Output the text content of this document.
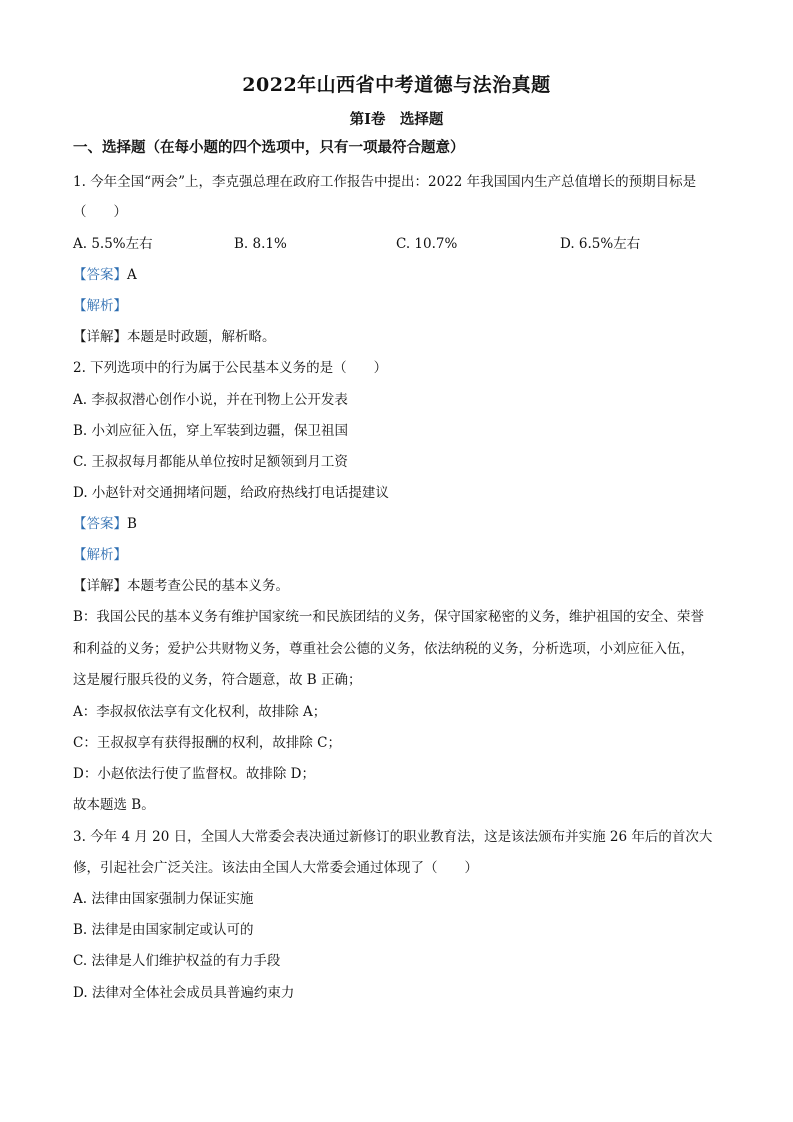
2022年山西省中考道德与法治真题
第Ⅰ卷　选择题
一、选择题（在每小题的四个选项中，只有一项最符合题意）
1. 今年全国“两会”上，李克强总理在政府工作报告中提出：2022 年我国国内生产总值增长的预期目标是
（　　）
A. 5.5%左右	B. 8.1%	C. 10.7%	D. 6.5%左右
【答案】A
【解析】
【详解】本题是时政题，解析略。
2. 下列选项中的行为属于公民基本义务的是（　　）
A. 李叔叔潜心创作小说，并在刊物上公开发表
B. 小刘应征入伍，穿上军装到边疆，保卫祖国
C. 王叔叔每月都能从单位按时足额领到月工资
D. 小赵针对交通拥堵问题，给政府热线打电话提建议
【答案】B
【解析】
【详解】本题考查公民的基本义务。
B：我国公民的基本义务有维护国家统一和民族团结的义务，保守国家秘密的义务，维护祖国的安全、荣誉
和利益的义务；爱护公共财物义务，尊重社会公德的义务，依法纳税的义务，分析选项，小刘应征入伍，
这是履行服兵役的义务，符合题意，故 B 正确；
A：李叔叔依法享有文化权利，故排除 A；
C：王叔叔享有获得报酬的权利，故排除 C；
D：小赵依法行使了监督权。故排除 D；
故本题选 B。
3. 今年 4 月 20 日，全国人大常委会表决通过新修订的职业教育法，这是该法颁布并实施 26 年后的首次大
修，引起社会广泛关注。该法由全国人大常委会通过体现了（　　）
A. 法律由国家强制力保证实施
B. 法律是由国家制定或认可的
C. 法律是人们维护权益的有力手段
D. 法律对全体社会成员具普遍约束力
